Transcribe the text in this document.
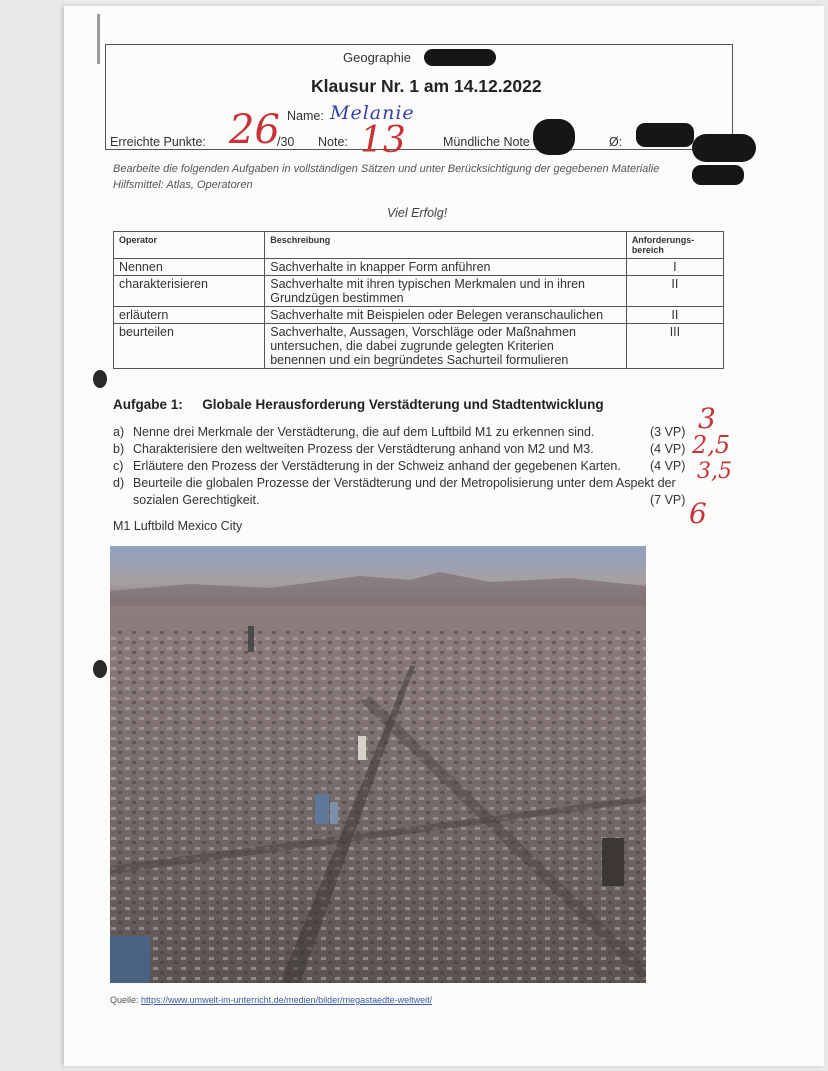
Geographie
Klausur Nr. 1 am 14.12.2022
Name: Melanie
Erreichte Punkte: 26
/30 Note: 13	Mündliche Note	Ø:
Bearbeite die folgenden Aufgaben in vollständigen Sätzen und unter Berücksichtigung der gegebenen Materialie
Hilfsmittel: Atlas, Operatoren
Viel Erfolg!
Operator	Beschreibung	Anforderungs-bereich
Nennen	Sachverhalte in knapper Form anführen	I
charakterisieren	Sachverhalte mit ihren typischen Merkmalen und in ihren
Grundzügen bestimmen	II
erläutern	Sachverhalte mit Beispielen oder Belegen veranschaulichen	II
beurteilen	Sachverhalte, Aussagen, Vorschläge oder Maßnahmen
untersuchen, die dabei zugrunde gelegten Kriterien
benennen und ein begründetes Sachurteil formulieren	III
Aufgabe 1: Globale Herausforderung Verstädterung und Stadtentwicklung
a) Nenne drei Merkmale der Verstädterung, die auf dem Luftbild M1 zu erkennen sind.	(3 VP)
b) Charakterisiere den weltweiten Prozess der Verstädterung anhand von M2 und M3.	(4 VP)
c) Erläutere den Prozess der Verstädterung in der Schweiz anhand der gegebenen Karten.	(4 VP)
d) Beurteile die globalen Prozesse der Verstädterung und der Metropolisierung unter dem Aspekt der
sozialen Gerechtigkeit.	(7 VP)
3
2,5
3,5
6
M1 Luftbild Mexico City
Quelle: https://www.umwelt-im-unterricht.de/medien/bilder/megastaedte-weltweit/
